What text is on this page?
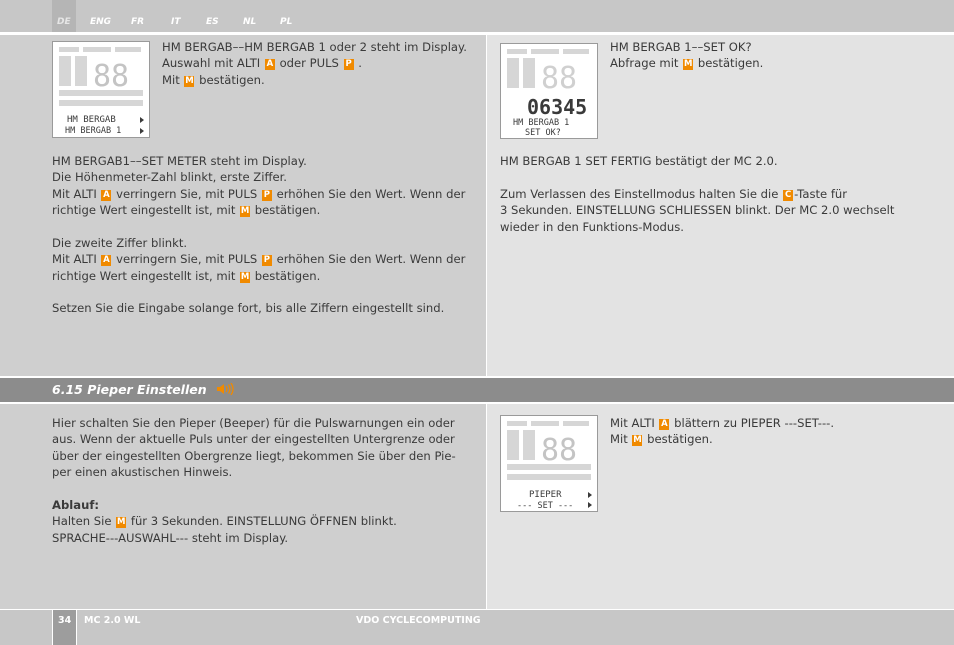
DE ENG FR	IT	ES	NL	PL
88
HM BERGAB
HM BERGAB 1
88
06345
HM BERGAB 1
SET OK?
88
PIEPER
--- SET ---

HM BERGAB––HM BERGAB 1 oder 2 steht im Display.

Auswahl mit ALTI A oder PULS P .

Mit M bestätigen.

HM BERGAB1––SET METER steht im Display.

Die Höhenmeter-Zahl blinkt, erste Ziffer.

Mit ALTI A verringern Sie, mit PULS P erhöhen Sie den Wert. Wenn der

richtige Wert eingestellt ist, mit M bestätigen.

Die zweite Ziffer blinkt.

Mit ALTI A verringern Sie, mit PULS P erhöhen Sie den Wert. Wenn der

richtige Wert eingestellt ist, mit M bestätigen.

Setzen Sie die Eingabe solange fort, bis alle Ziffern eingestellt sind.

HM BERGAB 1––SET OK?

Abfrage mit M bestätigen.

HM BERGAB 1 SET FERTIG bestätigt der MC 2.0.

Zum Verlassen des Einstellmodus halten Sie die C -Taste für

3 Sekunden. EINSTELLUNG SCHLIESSEN blinkt. Der MC 2.0 wechselt

wieder in den Funktions-Modus.

6.15 Pieper Einstellen

Hier schalten Sie den Pieper (Beeper) für die Pulswarnungen ein oder

aus. Wenn der aktuelle Puls unter der eingestellten Untergrenze oder

über der eingestellten Obergrenze liegt, bekommen Sie über den Pie-

per einen akustischen Hinweis.

Ablauf:

Halten Sie M für 3 Sekunden. EINSTELLUNG ÖFFNEN blinkt.

SPRACHE---AUSWAHL--- steht im Display.

Mit ALTI A blättern zu PIEPER ---SET---.

Mit M bestätigen.

34 MC 2.0 WL	VDO CYCLECOMPUTING
